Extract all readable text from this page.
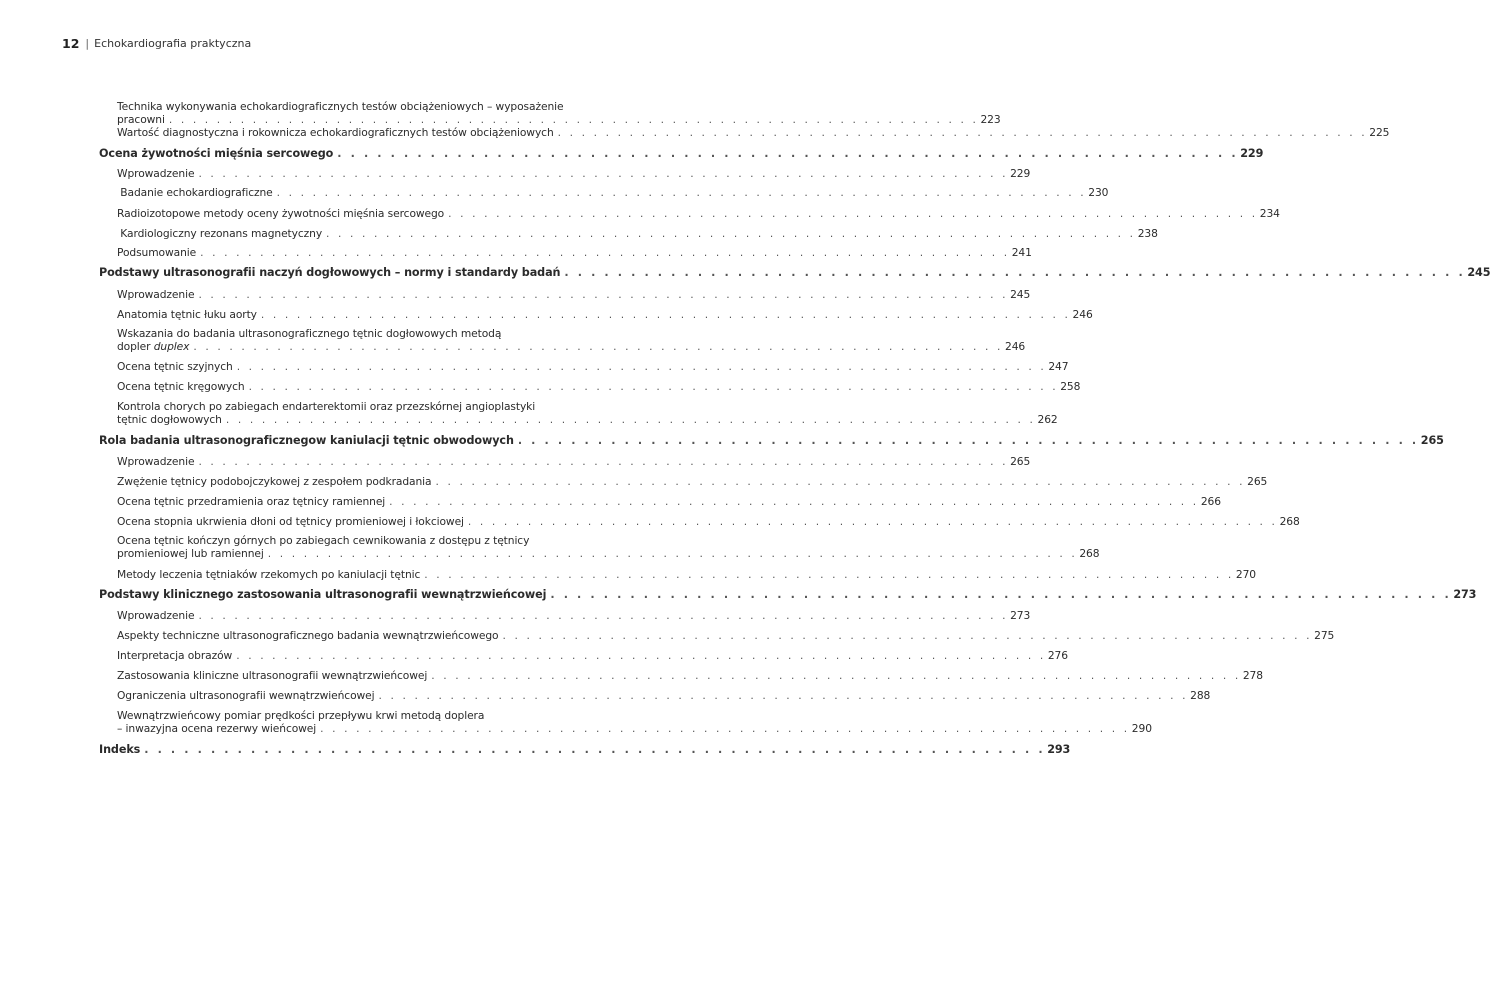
12 | Echokardiografia praktyczna
Technika wykonywania echokardiograficznych testów obciążeniowych – wyposażenie
pracowni . . . . . . . . . . . . . . . . . . . . . . . . . . . . . . . . . . . . . . . . . . . . . . . . . . . . . . . . . . . . . . . . . . . . 223
Wartość diagnostyczna i rokownicza echokardiograficznych testów obciążeniowych . . . . . . . . . . . . . . . . . . . . . . . . . . . . . . . . . . . . . . . . . . . . . . . . . . . . . . . . . . . . . . . . . . . . 225
Ocena żywotności mięśnia sercowego . . . . . . . . . . . . . . . . . . . . . . . . . . . . . . . . . . . . . . . . . . . . . . . . . . . . . . . . . . . . . . . . . . . . 229
Wprowadzenie . . . . . . . . . . . . . . . . . . . . . . . . . . . . . . . . . . . . . . . . . . . . . . . . . . . . . . . . . . . . . . . . . . . . 229
Badanie echokardiograficzne . . . . . . . . . . . . . . . . . . . . . . . . . . . . . . . . . . . . . . . . . . . . . . . . . . . . . . . . . . . . . . . . . . . . 230
Radioizotopowe metody oceny żywotności mięśnia sercowego . . . . . . . . . . . . . . . . . . . . . . . . . . . . . . . . . . . . . . . . . . . . . . . . . . . . . . . . . . . . . . . . . . . . 234
Kardiologiczny rezonans magnetyczny . . . . . . . . . . . . . . . . . . . . . . . . . . . . . . . . . . . . . . . . . . . . . . . . . . . . . . . . . . . . . . . . . . . . 238
Podsumowanie . . . . . . . . . . . . . . . . . . . . . . . . . . . . . . . . . . . . . . . . . . . . . . . . . . . . . . . . . . . . . . . . . . . . 241
Podstawy ultrasonografii naczyń dogłowowych – normy i standardy badań . . . . . . . . . . . . . . . . . . . . . . . . . . . . . . . . . . . . . . . . . . . . . . . . . . . . . . . . . . . . . . . . . . . . 245
Wprowadzenie . . . . . . . . . . . . . . . . . . . . . . . . . . . . . . . . . . . . . . . . . . . . . . . . . . . . . . . . . . . . . . . . . . . . 245
Anatomia tętnic łuku aorty . . . . . . . . . . . . . . . . . . . . . . . . . . . . . . . . . . . . . . . . . . . . . . . . . . . . . . . . . . . . . . . . . . . . 246
Wskazania do badania ultrasonograficznego tętnic dogłowowych metodą
dopler duplex . . . . . . . . . . . . . . . . . . . . . . . . . . . . . . . . . . . . . . . . . . . . . . . . . . . . . . . . . . . . . . . . . . . . 246
Ocena tętnic szyjnych . . . . . . . . . . . . . . . . . . . . . . . . . . . . . . . . . . . . . . . . . . . . . . . . . . . . . . . . . . . . . . . . . . . . 247
Ocena tętnic kręgowych . . . . . . . . . . . . . . . . . . . . . . . . . . . . . . . . . . . . . . . . . . . . . . . . . . . . . . . . . . . . . . . . . . . . 258
Kontrola chorych po zabiegach endarterektomii oraz przezskórnej angioplastyki
tętnic dogłowowych . . . . . . . . . . . . . . . . . . . . . . . . . . . . . . . . . . . . . . . . . . . . . . . . . . . . . . . . . . . . . . . . . . . . 262
Rola badania ultrasonograficznegow kaniulacji tętnic obwodowych . . . . . . . . . . . . . . . . . . . . . . . . . . . . . . . . . . . . . . . . . . . . . . . . . . . . . . . . . . . . . . . . . . . . 265
Wprowadzenie . . . . . . . . . . . . . . . . . . . . . . . . . . . . . . . . . . . . . . . . . . . . . . . . . . . . . . . . . . . . . . . . . . . . 265
Zwężenie tętnicy podobojczykowej z zespołem podkradania . . . . . . . . . . . . . . . . . . . . . . . . . . . . . . . . . . . . . . . . . . . . . . . . . . . . . . . . . . . . . . . . . . . . 265
Ocena tętnic przedramienia oraz tętnicy ramiennej . . . . . . . . . . . . . . . . . . . . . . . . . . . . . . . . . . . . . . . . . . . . . . . . . . . . . . . . . . . . . . . . . . . . 266
Ocena stopnia ukrwienia dłoni od tętnicy promieniowej i łokciowej . . . . . . . . . . . . . . . . . . . . . . . . . . . . . . . . . . . . . . . . . . . . . . . . . . . . . . . . . . . . . . . . . . . . 268
Ocena tętnic kończyn górnych po zabiegach cewnikowania z dostępu z tętnicy
promieniowej lub ramiennej . . . . . . . . . . . . . . . . . . . . . . . . . . . . . . . . . . . . . . . . . . . . . . . . . . . . . . . . . . . . . . . . . . . . 268
Metody leczenia tętniaków rzekomych po kaniulacji tętnic . . . . . . . . . . . . . . . . . . . . . . . . . . . . . . . . . . . . . . . . . . . . . . . . . . . . . . . . . . . . . . . . . . . . 270
Podstawy klinicznego zastosowania ultrasonografii wewnątrzwieńcowej . . . . . . . . . . . . . . . . . . . . . . . . . . . . . . . . . . . . . . . . . . . . . . . . . . . . . . . . . . . . . . . . . . . . 273
Wprowadzenie . . . . . . . . . . . . . . . . . . . . . . . . . . . . . . . . . . . . . . . . . . . . . . . . . . . . . . . . . . . . . . . . . . . . 273
Aspekty techniczne ultrasonograficznego badania wewnątrzwieńcowego . . . . . . . . . . . . . . . . . . . . . . . . . . . . . . . . . . . . . . . . . . . . . . . . . . . . . . . . . . . . . . . . . . . . 275
Interpretacja obrazów . . . . . . . . . . . . . . . . . . . . . . . . . . . . . . . . . . . . . . . . . . . . . . . . . . . . . . . . . . . . . . . . . . . . 276
Zastosowania kliniczne ultrasonografii wewnątrzwieńcowej . . . . . . . . . . . . . . . . . . . . . . . . . . . . . . . . . . . . . . . . . . . . . . . . . . . . . . . . . . . . . . . . . . . . 278
Ograniczenia ultrasonografii wewnątrzwieńcowej . . . . . . . . . . . . . . . . . . . . . . . . . . . . . . . . . . . . . . . . . . . . . . . . . . . . . . . . . . . . . . . . . . . . 288
Wewnątrzwieńcowy pomiar prędkości przepływu krwi metodą doplera
– inwazyjna ocena rezerwy wieńcowej . . . . . . . . . . . . . . . . . . . . . . . . . . . . . . . . . . . . . . . . . . . . . . . . . . . . . . . . . . . . . . . . . . . . 290
Indeks . . . . . . . . . . . . . . . . . . . . . . . . . . . . . . . . . . . . . . . . . . . . . . . . . . . . . . . . . . . . . . . . . . . . 293
